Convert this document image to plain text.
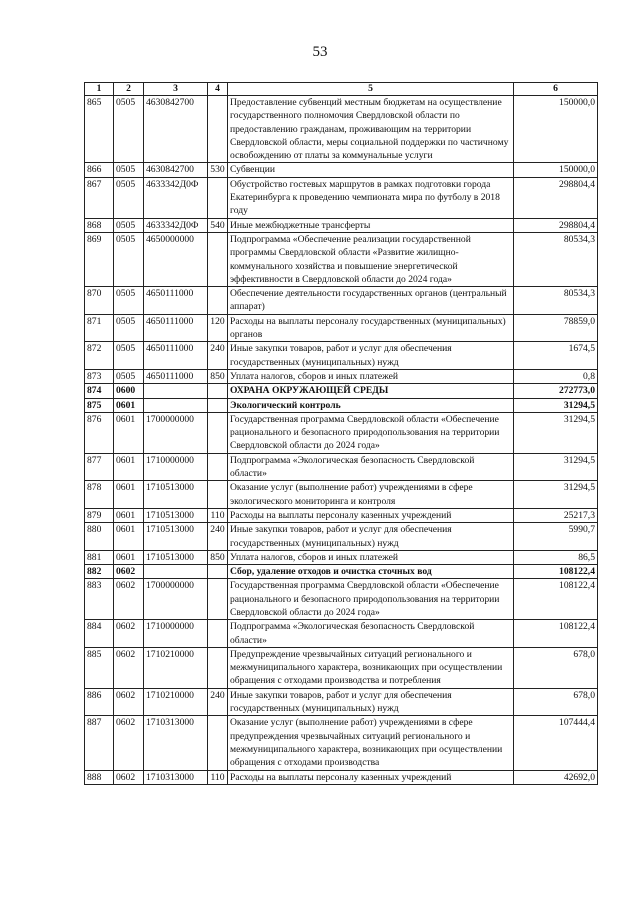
53
1	2	3	4	5	6
865	0505	4630842700		Предоставление субвенций местным бюджетам на осуществление государственного полномочия Свердловской области по предоставлению гражданам, проживающим на территории Свердловской области, меры социальной поддержки по частичному освобождению от платы за коммунальные услуги	150000,0
866	0505	4630842700	530	Субвенции	150000,0
867	0505	4633342Д0Ф		Обустройство гостевых маршрутов в рамках подготовки города Екатеринбурга к проведению чемпионата мира по футболу в 2018 году	298804,4
868	0505	4633342Д0Ф	540	Иные межбюджетные трансферты	298804,4
869	0505	4650000000		Подпрограмма «Обеспечение реализации государственной программы Свердловской области «Развитие жилищно-коммунального хозяйства и повышение энергетической эффективности в Свердловской области до 2024 года»	80534,3
870	0505	4650111000		Обеспечение деятельности государственных органов (центральный аппарат)	80534,3
871	0505	4650111000	120	Расходы на выплаты персоналу государственных (муниципальных) органов	78859,0
872	0505	4650111000	240	Иные закупки товаров, работ и услуг для обеспечения государственных (муниципальных) нужд	1674,5
873	0505	4650111000	850	Уплата налогов, сборов и иных платежей	0,8
874	0600			ОХРАНА ОКРУЖАЮЩЕЙ СРЕДЫ	272773,0
875	0601			Экологический контроль	31294,5
876	0601	1700000000		Государственная программа Свердловской области «Обеспечение рационального и безопасного природопользования на территории Свердловской области до 2024 года»	31294,5
877	0601	1710000000		Подпрограмма «Экологическая безопасность Свердловской области»	31294,5
878	0601	1710513000		Оказание услуг (выполнение работ) учреждениями в сфере экологического мониторинга и контроля	31294,5
879	0601	1710513000	110	Расходы на выплаты персоналу казенных учреждений	25217,3
880	0601	1710513000	240	Иные закупки товаров, работ и услуг для обеспечения государственных (муниципальных) нужд	5990,7
881	0601	1710513000	850	Уплата налогов, сборов и иных платежей	86,5
882	0602			Сбор, удаление отходов и очистка сточных вод	108122,4
883	0602	1700000000		Государственная программа Свердловской области «Обеспечение рационального и безопасного природопользования на территории Свердловской области до 2024 года»	108122,4
884	0602	1710000000		Подпрограмма «Экологическая безопасность Свердловской области»	108122,4
885	0602	1710210000		Предупреждение чрезвычайных ситуаций регионального и межмуниципального характера, возникающих при осуществлении обращения с отходами производства и потребления	678,0
886	0602	1710210000	240	Иные закупки товаров, работ и услуг для обеспечения государственных (муниципальных) нужд	678,0
887	0602	1710313000		Оказание услуг (выполнение работ) учреждениями в сфере предупреждения чрезвычайных ситуаций регионального и межмуниципального характера, возникающих при осуществлении обращения с отходами производства	107444,4
888	0602	1710313000	110	Расходы на выплаты персоналу казенных учреждений	42692,0
